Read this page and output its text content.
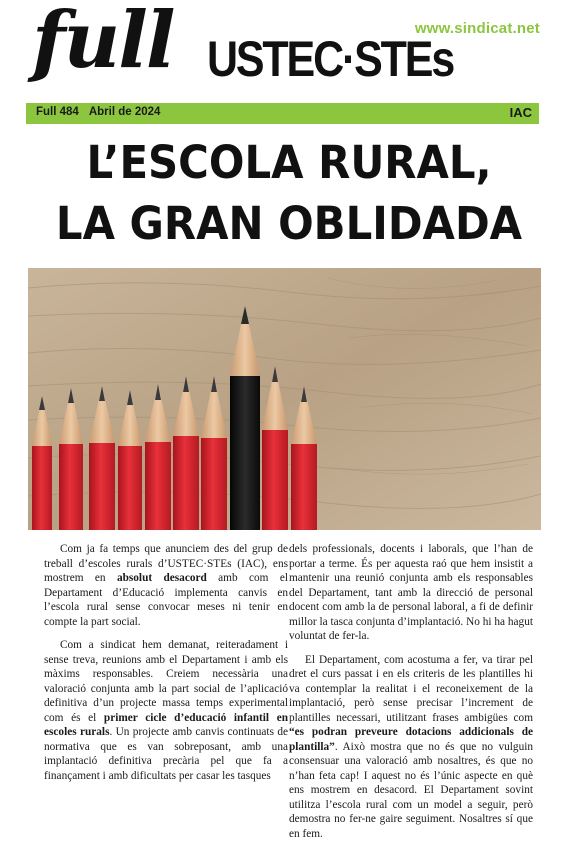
full USTEC·STEs
www.sindicat.net
Full 484 Abril de 2024	IAC
L’ESCOLA RURAL,
LA GRAN OBLIDADA

Com ja fa temps que anunciem des del grup de treball d’escoles rurals d’USTEC·STEs (IAC), ens mostrem en absolut desacord amb com el Departament d’Educació implementa canvis en l’escola rural sense convocar meses ni tenir en compte la part social.

Com a sindicat hem demanat, reiteradament i sense treva, reunions amb el Departament i amb els màxims responsables. Creiem necessària una valoració conjunta amb la part social de l’aplicació definitiva d’un projecte massa temps experimental com és el primer cicle d’educació infantil en escoles rurals. Un projecte amb canvis continuats de normativa que es van sobreposant, amb una implantació definitiva precària pel que fa a finançament i amb dificultats per casar les tasques

dels professionals, docents i laborals, que l’han de portar a terme. És per aquesta raó que hem insistit a mantenir una reunió conjunta amb els responsables del Departament, tant amb la direcció de personal docent com amb la de personal laboral, a fi de definir millor la tasca conjunta d’implantació. No hi ha hagut voluntat de fer-la.

El Departament, com acostuma a fer, va tirar pel dret el curs passat i en els criteris de les plantilles hi va contemplar la realitat i el reconeixement de la implantació, però sense precisar l’increment de plantilles necessari, utilitzant frases ambigües com “es podran preveure dotacions addicionals de plantilla”. Això mostra que no és que no vulguin consensuar una valoració amb nosaltres, és que no n’han feta cap! I aquest no és l’únic aspecte en què ens mostrem en desacord. El Departament sovint utilitza l’escola rural com un model a seguir, però demostra no fer-ne gaire seguiment. Nosaltres sí que en fem.
